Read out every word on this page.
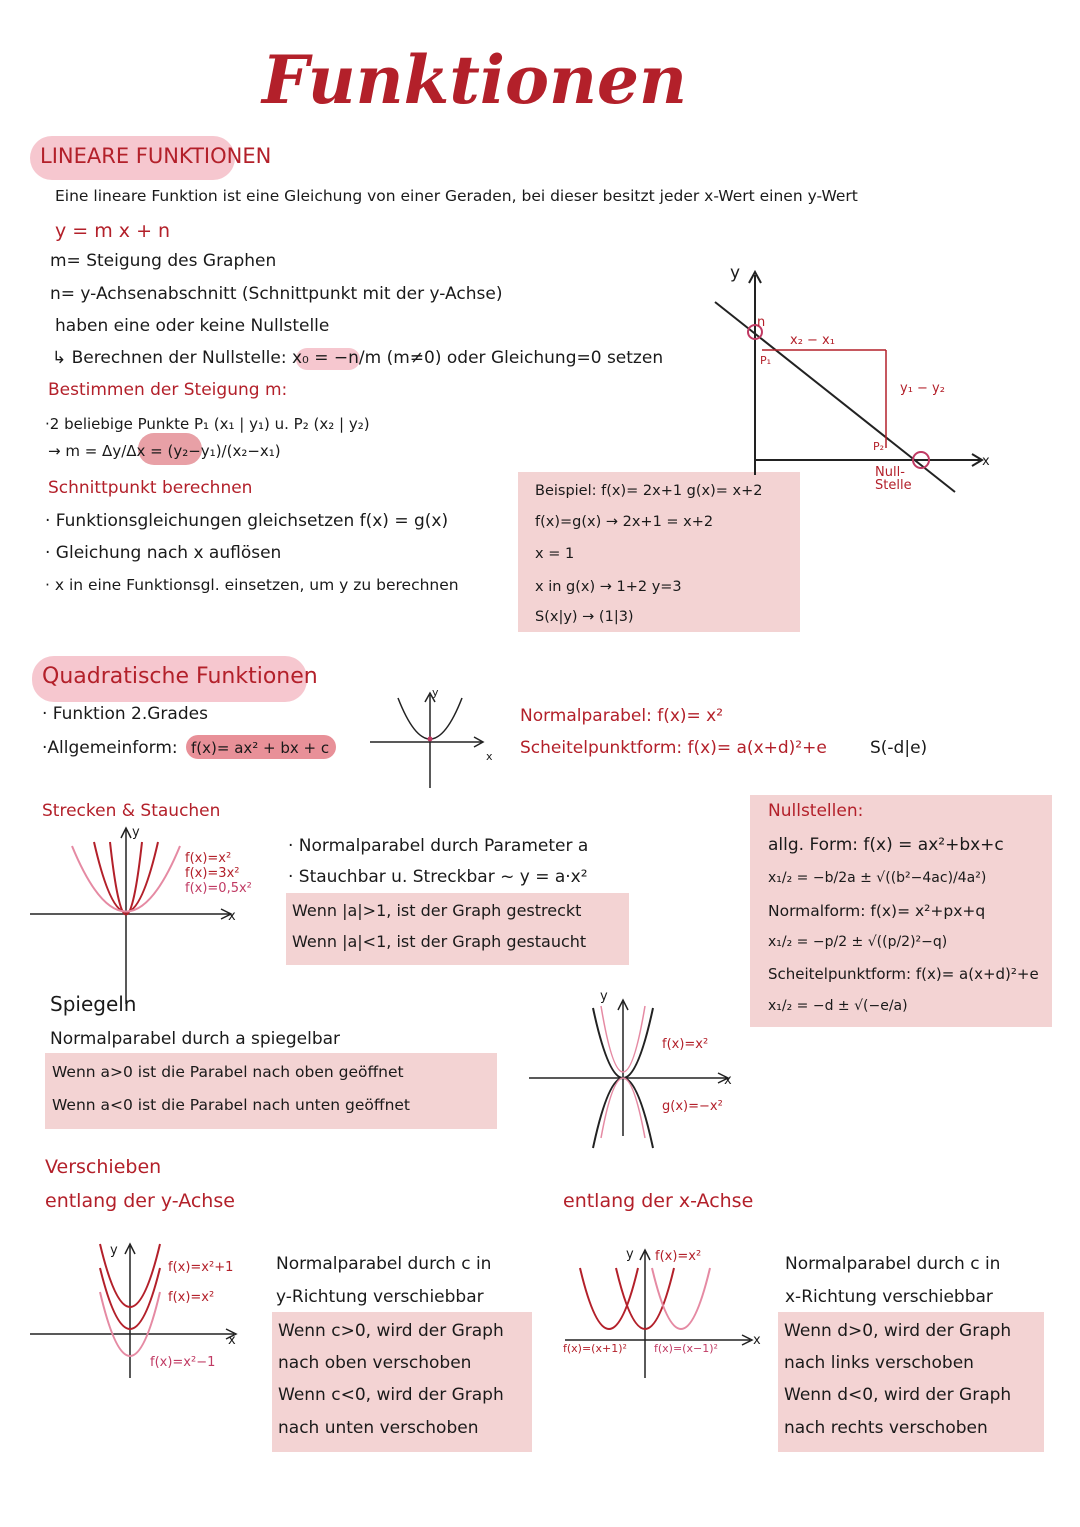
Funktionen
LINEARE FUNKTIONEN
Eine lineare Funktion ist eine Gleichung von einer Geraden, bei dieser besitzt jeder x-Wert einen y-Wert
y = m x + n
m= Steigung des Graphen
n= y-Achsenabschnitt (Schnittpunkt mit der y-Achse)
haben eine oder keine Nullstelle
↳ Berechnen der Nullstelle: x₀ = −n/m (m≠0) oder Gleichung=0 setzen
Bestimmen der Steigung m:
·2 beliebige Punkte P₁ (x₁ | y₁) u. P₂ (x₂ | y₂)
→ m = Δy/Δx = (y₂−y₁)/(x₂−x₁)
Schnittpunkt berechnen
· Funktionsgleichungen gleichsetzen f(x) = g(x)
· Gleichung nach x auflösen
· x in eine Funktionsgl. einsetzen, um y zu berechnen
Beispiel: f(x)= 2x+1 g(x)= x+2
f(x)=g(x) → 2x+1 = x+2
x = 1
x in g(x) → 1+2 y=3
S(x|y) → (1|3)
y
n
P₁
x₂ − x₁
y₁ − y₂
P₂
Null-
Stelle
x
Quadratische Funktionen
· Funktion 2.Grades
·Allgemeinform: f(x)= ax² + bx + c
y
x
Normalparabel: f(x)= x²
Scheitelpunktform: f(x)= a(x+d)²+e	S(-d|e)
Strecken & Stauchen
y
x
f(x)=x²
f(x)=3x²
f(x)=0,5x²
· Normalparabel durch Parameter a
· Stauchbar u. Streckbar ~ y = a·x²
Wenn |a|>1, ist der Graph gestreckt
Wenn |a|<1, ist der Graph gestaucht
Nullstellen:
allg. Form: f(x) = ax²+bx+c
x₁/₂ = −b/2a ± √((b²−4ac)/4a²)
Normalform: f(x)= x²+px+q
x₁/₂ = −p/2 ± √((p/2)²−q)
Scheitelpunktform: f(x)= a(x+d)²+e
x₁/₂ = −d ± √(−e/a)
Spiegeln
Normalparabel durch a spiegelbar
Wenn a>0 ist die Parabel nach oben geöffnet
Wenn a<0 ist die Parabel nach unten geöffnet
y
x
f(x)=x²
g(x)=−x²
Verschieben
entlang der y-Achse	entlang der x-Achse
y
x
f(x)=x²+1
f(x)=x²
f(x)=x²−1
Normalparabel durch c in
y-Richtung verschiebbar
Wenn c>0, wird der Graph
nach oben verschoben
Wenn c<0, wird der Graph
nach unten verschoben
y
x
f(x)=x²
f(x)=(x+1)² f(x)=(x−1)²
Normalparabel durch c in
x-Richtung verschiebbar
Wenn d>0, wird der Graph
nach links verschoben
Wenn d<0, wird der Graph
nach rechts verschoben
